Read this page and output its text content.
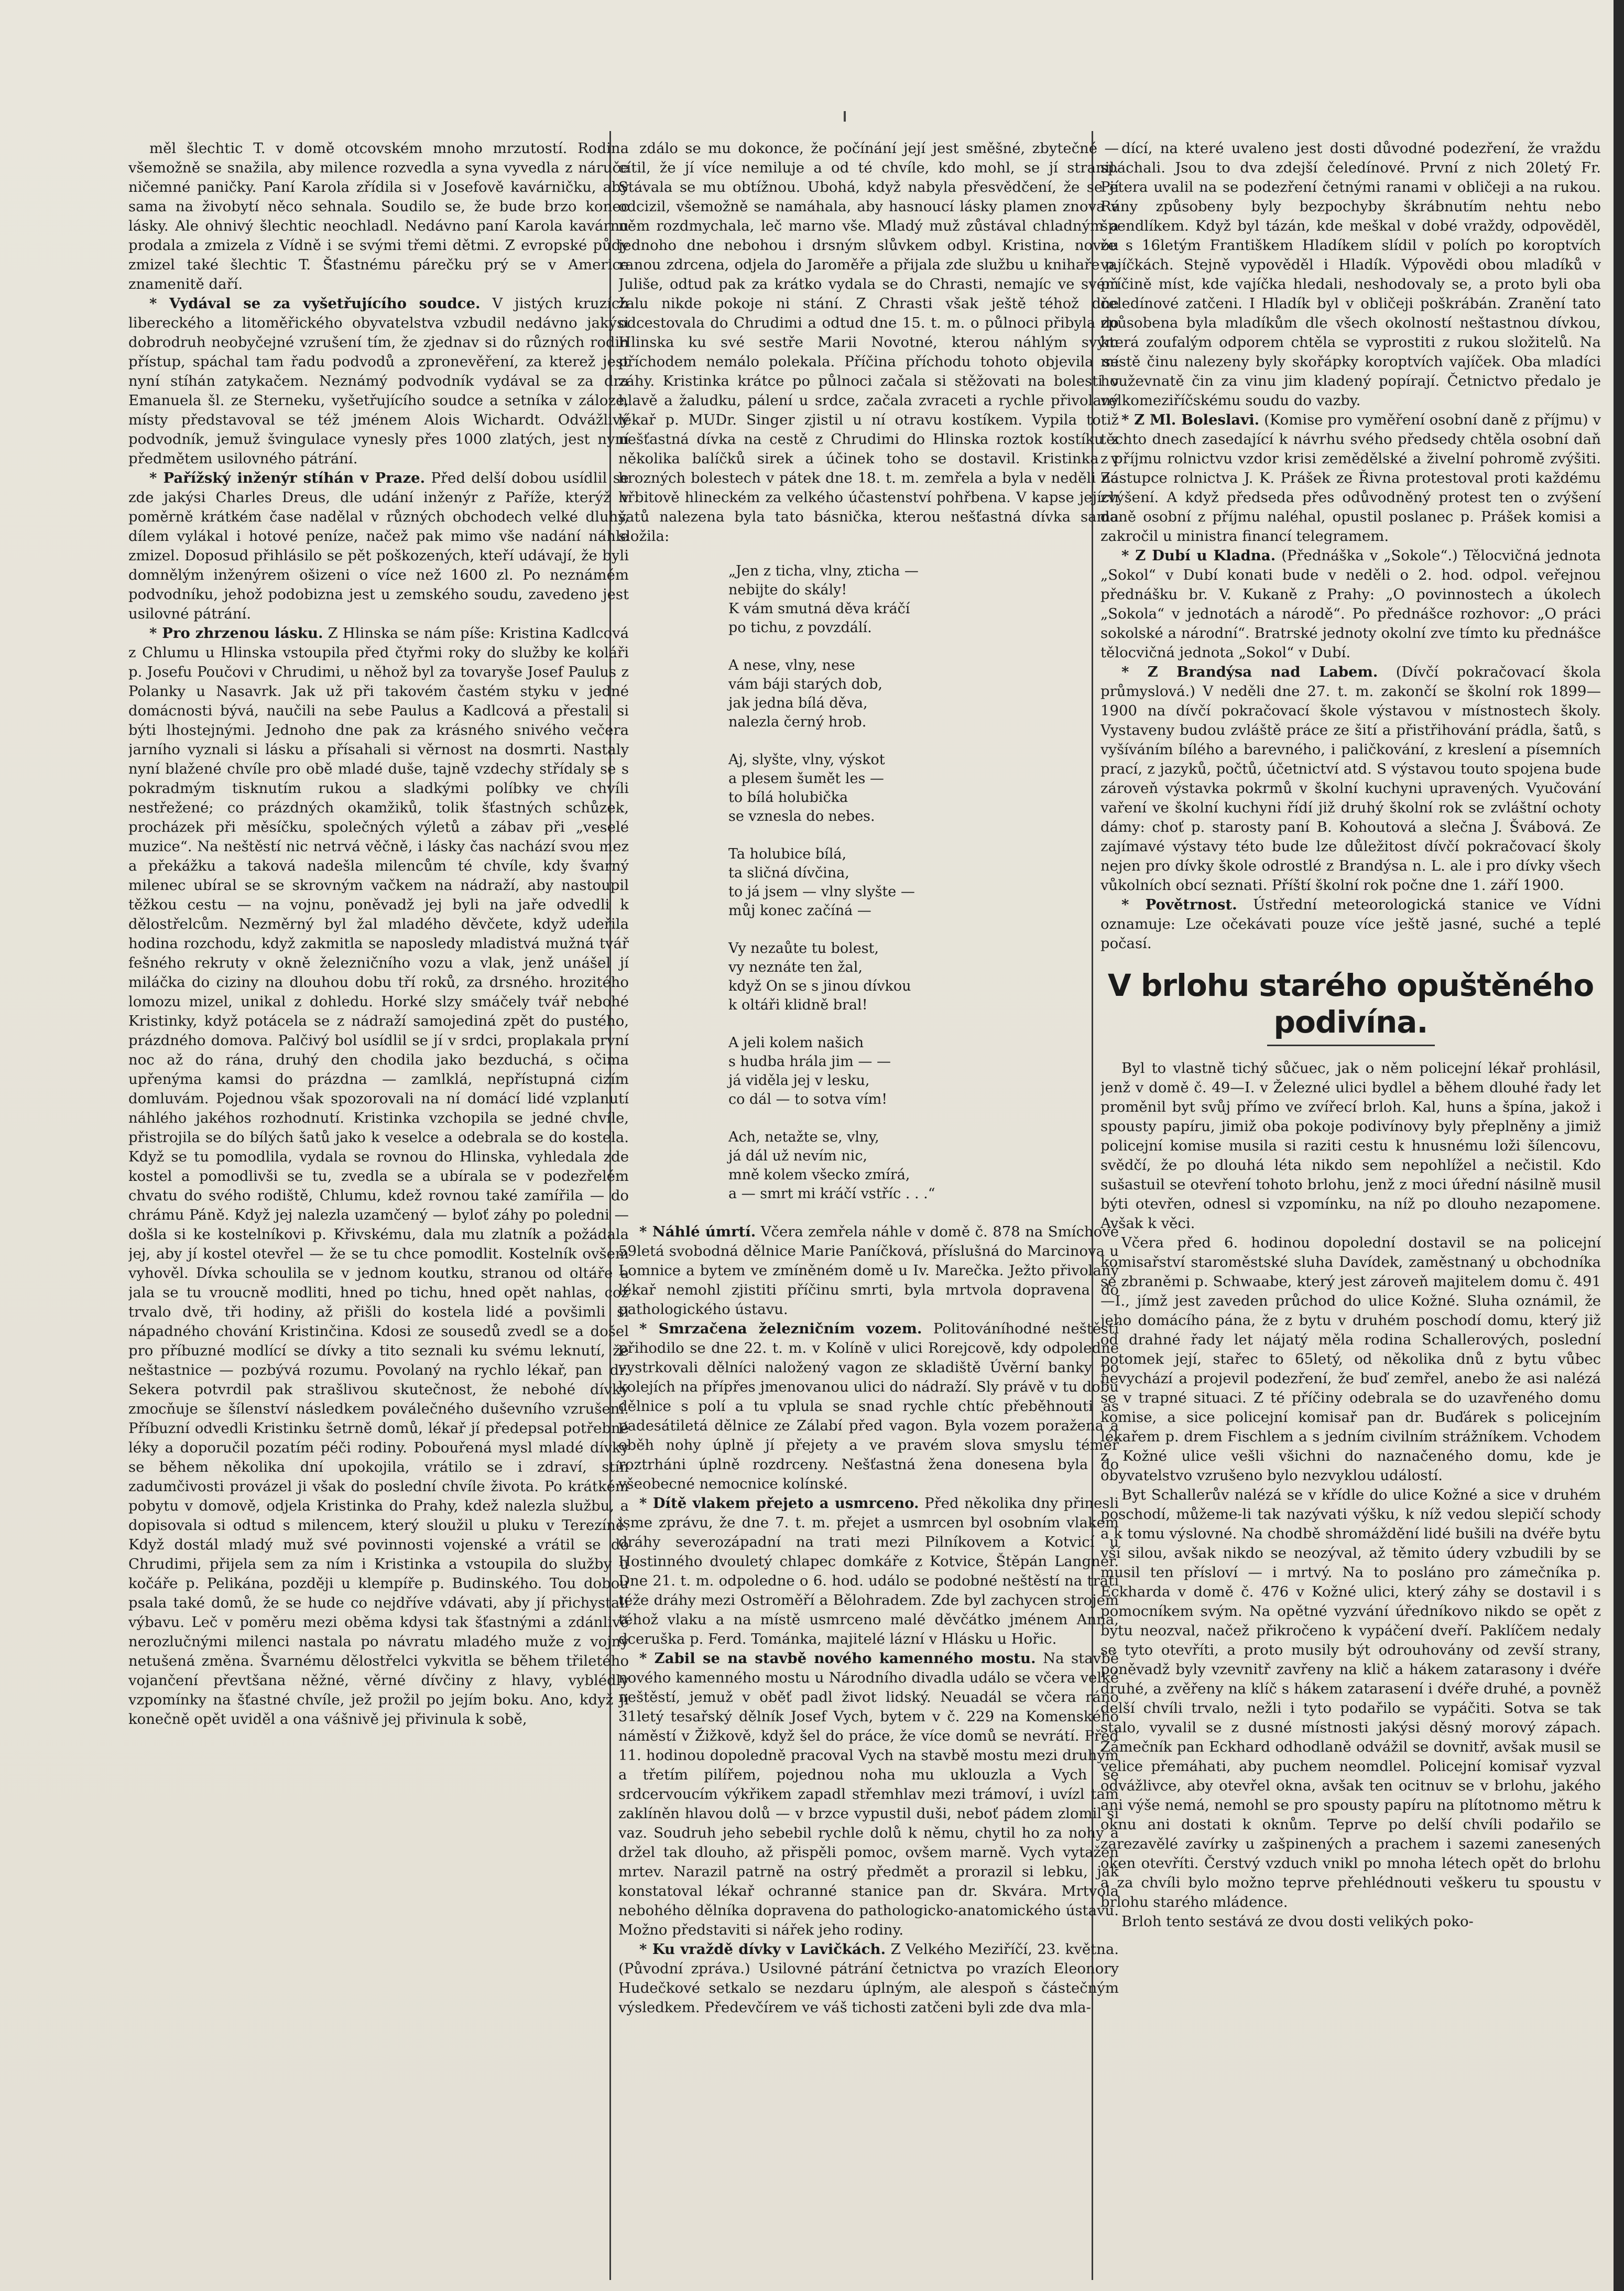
měl šlechtic T. v domě otcovském mnoho mrzutostí. Rodina všemožně se snažila, aby milence rozvedla a syna vyvedla z náruče ničemné paničky. Paní Karola zřídila si v Josefově kavárničku, aby sama na živobytí něco sehnala. Soudilo se, že bude brzo konec lásky. Ale ohnivý šlechtic neochladl. Nedávno paní Karola kavárnu prodala a zmizela z Vídně i se svými třemi dětmi. Z evropské půdy zmizel také šlechtic T. Šťastnému párečku prý se v Americe znamenitě daří.

* Vydával se za vyšetřujícího soudce. V jistých kruzích libereckého a litoměřického obyvatelstva vzbudil nedávno jakýsi dobrodruh neobyčejné vzrušení tím, že zjednav si do různých rodin přístup, spáchal tam řadu podvodů a zpronevěření, za kterež jest nyní stíhán zatykačem. Neznámý podvodník vydával se za dra Emanuela šl. ze Sterneku, vyšetřujícího soudce a setníka v záloze, místy představoval se též jménem Alois Wichardt. Odvážlivý podvodník, jemuž švingulace vynesly přes 1000 zlatých, jest nyní předmětem usilovného pátrání.

* Pařížský inženýr stíhán v Praze. Před delší dobou usídlil se zde jakýsi Charles Dreus, dle udání inženýr z Paříže, kterýž v poměrně krátkém čase nadělal v různých obchodech velké dluhy, dílem vylákal i hotové peníze, načež pak mimo vše nadání náhle zmizel. Doposud přihlásilo se pět poškozených, kteří udávají, že byli domnělým inženýrem ošizeni o více než 1600 zl. Po neznámém podvodníku, jehož podobizna jest u zemského soudu, zavedeno jest usilovné pátrání.

* Pro zhrzenou lásku. Z Hlinska se nám píše: Kristina Kadlcová z Chlumu u Hlinska vstoupila před čtyřmi roky do služby ke koláři p. Josefu Poučovi v Chrudimi, u něhož byl za tovaryše Josef Paulus z Polanky u Nasavrk. Jak už při takovém častém styku v jedné domácnosti bývá, naučili na sebe Paulus a Kadlcová a přestali si býti lhostejnými. Jednoho dne pak za krásného snivého večera jarního vyznali si lásku a přísahali si věrnost na dosmrti. Nastaly nyní blažené chvíle pro obě mladé duše, tajně vzdechy střídaly se s pokradmým tisknutím rukou a sladkými políbky ve chvíli nestřežené; co prázdných okamžiků, tolik šťastných schůzek, procházek při měsíčku, společných výletů a zábav při „veselé muzice“. Na neštěstí nic netrvá věčně, i lásky čas nachází svou mez a překážku a taková nadešla milencům té chvíle, kdy švarný milenec ubíral se se skrovným vačkem na nádraží, aby nastoupil těžkou cestu — na vojnu, poněvadž jej byli na jaře odvedli k dělostřelcům. Nezměrný byl žal mladého děvčete, když udeřila hodina rozchodu, když zakmitla se naposledy mladistvá mužná tvář fešného rekruty v okně železničního vozu a vlak, jenž unášel jí miláčka do ciziny na dlouhou dobu tří roků, za drsného. hrozitého lomozu mizel, unikal z dohledu. Horké slzy smáčely tvář nebohé Kristinky, když potácela se z nádraží samojediná zpět do pustého, prázdného domova. Palčivý bol usídlil se jí v srdci, proplakala první noc až do rána, druhý den chodila jako bezduchá, s očima upřenýma kamsi do prázdna — zamlklá, nepřístupná cizím domluvám. Pojednou však spozorovali na ní domácí lidé vzplanutí náhlého jakéhos rozhodnutí. Kristinka vzchopila se jedné chvíle, přistrojila se do bílých šatů jako k veselce a odebrala se do kostela. Když se tu pomodlila, vydala se rovnou do Hlinska, vyhledala zde kostel a pomodlivši se tu, zvedla se a ubírala se v podezřelém chvatu do svého rodiště, Chlumu, kdež rovnou také zamířila — do chrámu Páně. Když jej nalezla uzamčený — byloť záhy po poledni — došla si ke kostelníkovi p. Křivskému, dala mu zlatník a požádala jej, aby jí kostel otevřel — že se tu chce pomodlit. Kostelník ovšem vyhověl. Dívka schoulila se v jednom koutku, stranou od oltáře a jala se tu vroucně modliti, hned po tichu, hned opět nahlas, což trvalo dvě, tři hodiny, až přišli do kostela lidé a povšimli si nápadného chování Kristinčina. Kdosi ze sousedů zvedl se a došel pro příbuzné modlící se dívky a tito seznali ku svému leknutí, že neštastnice — pozbývá rozumu. Povolaný na rychlo lékař, pan dr. Sekera potvrdil pak strašlivou skutečnost, že nebohé dívky zmocňuje se šílenství následkem poválečného duševního vzrušení. Příbuzní odvedli Kristinku šetrně domů, lékař jí předepsal potřebné léky a doporučil pozatím péči rodiny. Pobouřená mysl mladé dívky se během několika dní upokojila, vrátilo se i zdraví, stín zadumčivosti provázel ji však do poslední chvíle života. Po krátkém pobytu v domově, odjela Kristinka do Prahy, kdež nalezla službu, a dopisovala si odtud s milencem, který sloužil u pluku v Terezíně. Když dostál mladý muž své povinnosti vojenské a vrátil se do Chrudimi, přijela sem za ním i Kristinka a vstoupila do služby u kočáře p. Pelikána, později u klempíře p. Budinského. Tou dobou psala také domů, že se hude co nejdříve vdávati, aby jí přichystali výbavu. Leč v poměru mezi oběma kdysi tak šťastnými a zdánlivě nerozlučnými milenci nastala po návratu mladého muže z vojny netušená změna. Švarnému dělostřelci vykvitla se během třiletého vojančení převtšana něžné, věrné dívčiny z hlavy, vyblédly vzpomínky na šťastné chvíle, jež prožil po jejím boku. Ano, když ji konečně opět uviděl a ona vášnivě jej přivinula k sobě,

zdálo se mu dokonce, že počínání její jest směšné, zbytečné — cítil, že jí více nemiluje a od té chvíle, kdo mohl, se jí stranil. Stávala se mu obtížnou. Ubohá, když nabyla přesvědčení, že se jí odcizil, všemožně se namáhala, aby hasnoucí lásky plamen znova v něm rozdmychala, leč marno vše. Mladý muž zůstával chladným a jednoho dne nebohou i drsným slůvkem odbyl. Kristina, novou ranou zdrcena, odjela do Jaroměře a přijala zde službu u knihaře p. Juliše, odtud pak za krátko vydala se do Chrasti, nemajíc ve svém žalu nikde pokoje ni stání. Z Chrasti však ještě téhož dne odcestovala do Chrudimi a odtud dne 15. t. m. o půlnoci přibyla do Hlinska ku své sestře Marii Novotné, kterou náhlým svým příchodem nemálo polekala. Příčina příchodu tohoto objevila se záhy. Kristinka krátce po půlnoci začala si stěžovati na bolesti v hlavě a žaludku, pálení u srdce, začala zvraceti a rychle přivolaný lékař p. MUDr. Singer zjistil u ní otravu kostíkem. Vypila totiž nešťastná dívka na cestě z Chrudimi do Hlinska roztok kostíku z několika balíčků sirek a účinek toho se dostavil. Kristinka v hrozných bolestech v pátek dne 18. t. m. zemřela a byla v neděli na hřbitově hlineckém za velkého účastenství pohřbena. V kapse jejích šatů nalezena byla tato básnička, kterou nešťastná dívka sama složila:

„Jen z ticha, vlny, zticha —
nebijte do skály!
K vám smutná děva kráčí
po tichu, z povzdálí.
A nese, vlny, nese
vám báji starých dob,
jak jedna bílá děva,
nalezla černý hrob.
Aj, slyšte, vlny, výskot
a plesem šumět les —
to bílá holubička
se vznesla do nebes.
Ta holubice bílá,
ta sličná dívčina,
to já jsem — vlny slyšte —
můj konec začíná —
Vy nezaůte tu bolest,
vy neznáte ten žal,
když On se s jinou dívkou
k oltáři klidně bral!
A jeli kolem našich
s hudba hrála jim — —
já viděla jej v lesku,
co dál — to sotva vím!
Ach, netažte se, vlny,
já dál už nevím nic,
mně kolem všecko zmírá,
a — smrt mi kráčí vstříc . . .“

* Náhlé úmrtí. Včera zemřela náhle v domě č. 878 na Smíchově 59letá svobodná dělnice Marie Paníčková, příslušná do Marcinova u Lomnice a bytem ve zmíněném domě u Iv. Marečka. Ježto přivolaný lékař nemohl zjistiti příčinu smrti, byla mrtvola dopravena do pathologického ústavu.

* Smrzačena železničním vozem. Politováníhodné neštěstí přihodilo se dne 22. t. m. v Kolíně v ulici Rorejcově, kdy odpoledne vystrkovali dělníci naložený vagon ze skladiště Úvěrní banky po kolejích na přípřes jmenovanou ulici do nádraží. Sly právě v tu dobu dělnice s polí a tu vplula se snad rychle chtíc přeběhnouti as padesátiletá dělnice ze Zálabí před vagon. Byla vozem poražena a oběh nohy úplně jí přejety a ve pravém slova smyslu téměř roztrháni úplně rozdrceny. Nešťastná žena donesena byla do všeobecné nemocnice kolínské.

* Dítě vlakem přejeto a usmrceno. Před několika dny přinesli jsme zprávu, že dne 7. t. m. přejet a usmrcen byl osobním vlakem dráhy severozápadní na trati mezi Pilníkovem a Kotvicí u Hostinného dvouletý chlapec domkáře z Kotvice, Štěpán Langner. Dne 21. t. m. odpoledne o 6. hod. událo se podobné neštěstí na trati téže dráhy mezi Ostroměří a Bělohradem. Zde byl zachycen strojem téhož vlaku a na místě usmrceno malé děvčátko jménem Anna, dceruška p. Ferd. Tománka, majitelé lázní v Hlásku u Hořic.

* Zabil se na stavbě nového kamenného mostu. Na stavbě nového kamenného mostu u Národního divadla událo se včera velké neštěstí, jemuž v oběť padl život lidský. Neuadál se včera ráno 31letý tesařský dělník Josef Vych, bytem v č. 229 na Komenského náměstí v Žižkově, když šel do práce, že více domů se nevrátí. Před 11. hodinou dopoledně pracoval Vych na stavbě mostu mezi druhým a třetím pilířem, pojednou noha mu uklouzla a Vych se srdcervoucím výkřikem zapadl střemhlav mezi trámoví, i uvízl tam zaklíněn hlavou dolů — v brzce vypustil duši, neboť pádem zlomil si vaz. Soudruh jeho sebebil rychle dolů k němu, chytil ho za nohy a držel tak dlouho, až přispěli pomoc, ovšem marně. Vych vytažen mrtev. Narazil patrně na ostrý předmět a prorazil si lebku, jak konstatoval lékař ochranné stanice pan dr. Skvára. Mrtvola nebohého dělníka dopravena do pathologicko-anatomického ústavu. Možno představiti si nářek jeho rodiny.

* Ku vraždě dívky v Lavičkách. Z Velkého Meziříčí, 23. května. (Původní zpráva.) Usilovné pátrání četnictva po vrazích Eleonory Hudečkové setkalo se nezdaru úplným, ale alespoň s částečným výsledkem. Předevčírem ve váš tichosti zatčeni byli zde dva mla-

dící, na které uvaleno jest dosti důvodné podezření, že vraždu spáchali. Jsou to dva zdejší čeledínové. První z nich 20letý Fr. Petera uvalil na se podezření četnými ranami v obličeji a na rukou. Rány způsobeny byly bezpochyby škrábnutím nehtu nebo špendlíkem. Když byl tázán, kde meškal v dobé vraždy, odpověděl, že s 16letým Františkem Hladíkem slídil v polích po koroptvích vajíčkách. Stejně vypověděl i Hladík. Výpovědi obou mladíků v příčině míst, kde vajíčka hledali, neshodovaly se, a proto byli oba čeledínové zatčeni. I Hladík byl v obličeji poškrábán. Zranění tato způsobena byla mladíkům dle všech okolností neštastnou dívkou, která zoufalým odporem chtěla se vyprostiti z rukou složitelů. Na místě činu nalezeny byly skořápky koroptvích vajíček. Oba mladíci houževnatě čin za vinu jim kladený popírají. Četnictvo předalo je velkomeziříčskému soudu do vazby.

* Z Ml. Boleslavi. (Komise pro vyměření osobní daně z příjmu) v těchto dnech zasedající k návrhu svého předsedy chtěla osobní daň z příjmu rolnictvu vzdor krisi zemědělské a živelní pohromě zvýšiti. Zástupce rolnictva J. K. Prášek ze Řivna protestoval proti každému zvýšení. A když předseda přes odůvodněný protest ten o zvýšení daně osobní z příjmu naléhal, opustil poslanec p. Prášek komisi a zakročil u ministra financí telegramem.

* Z Dubí u Kladna. (Přednáška v „Sokole“.) Tělocvičná jednota „Sokol“ v Dubí konati bude v neděli o 2. hod. odpol. veřejnou přednášku br. V. Kukaně z Prahy: „O povinnostech a úkolech „Sokola“ v jednotách a národě“. Po přednášce rozhovor: „O práci sokolské a národní“. Bratrské jednoty okolní zve tímto ku přednášce tělocvičná jednota „Sokol“ v Dubí.

* Z Brandýsa nad Labem. (Dívčí pokračovací škola průmyslová.) V neděli dne 27. t. m. zakončí se školní rok 1899—1900 na dívčí pokračovací škole výstavou v místnostech školy. Vystaveny budou zvláště práce ze šití a přistřihování prádla, šatů, s vyšíváním bílého a barevného, i paličkování, z kreslení a písemních prací, z jazyků, počtů, účetnictví atd. S výstavou touto spojena bude zároveň výstavka pokrmů v školní kuchyni upravených. Vyučování vaření ve školní kuchyni řídí již druhý školní rok se zvláštní ochoty dámy: choť p. starosty paní B. Kohoutová a slečna J. Švábová. Ze zajímavé výstavy této bude lze důležitost dívčí pokračovací školy nejen pro dívky škole odrostlé z Brandýsa n. L. ale i pro dívky všech vůkolních obcí seznati. Příští školní rok počne dne 1. září 1900.

* Povětrnost. Ústřední meteorologická stanice ve Vídni oznamuje: Lze očekávati pouze více ještě jasné, suché a teplé počasí.

V brlohu starého opuštěného podivína.

Byl to vlastně tichý sůčuec, jak o něm policejní lékař prohlásil, jenž v domě č. 49—I. v Železné ulici bydlel a během dlouhé řady let proměnil byt svůj přímo ve zvířecí brloh. Kal, huns a špína, jakož i spousty papíru, jimiž oba pokoje podivínovy byly přeplněny a jimiž policejní komise musila si raziti cestu k hnusnému loži šílencovu, svědčí, že po dlouhá léta nikdo sem nepohlížel a nečistil. Kdo sušastuil se otevření tohoto brlohu, jenž z moci úřední násilně musil býti otevřen, odnesl si vzpomínku, na níž po dlouho nezapomene. Avšak k věci.

Včera před 6. hodinou dopolední dostavil se na policejní komisařství staroměstské sluha Davídek, zaměstnaný u obchodníka se zbraněmi p. Schwaabe, který jest zároveň majitelem domu č. 491—I., jímž jest zaveden průchod do ulice Kožné. Sluha oznámil, že jeho domácího pána, že z bytu v druhém poschodí domu, který již od drahné řady let nájatý měla rodina Schallerových, poslední potomek její, stařec to 65letý, od několika dnů z bytu vůbec nevychází a projevil podezření, že buď zemřel, anebo že asi nalézá se v trapné situaci. Z té příčiny odebrala se do uzavřeného domu komise, a sice policejní komisař pan dr. Buďárek s policejním lékařem p. drem Fischlem a s jedním civilním strážníkem. Vchodem z Kožné ulice vešli všichni do naznačeného domu, kde je obyvatelstvo vzrušeno bylo nezvyklou událostí.

Byt Schallerův nalézá se v křídle do ulice Kožné a sice v druhém poschodí, můžeme-li tak nazývati výšku, k níž vedou slepičí schody a k tomu výslovné. Na chodbě shromáždění lidé bušili na dvéře bytu vší silou, avšak nikdo se neozýval, až těmito údery vzbudili by se musil ten přísloví — i mrtvý. Na to posláno pro zámečníka p. Eckharda v domě č. 476 v Kožné ulici, který záhy se dostavil i s pomocníkem svým. Na opětné vyzvání úředníkovo nikdo se opět z bytu neozval, načež přikročeno k vypáčení dveří. Paklíčem nedaly se tyto otevříti, a proto musily být odrouhovány od zevší strany, poněvadž byly vzevnitř zavřeny na klič a hákem zatarasony i dvéře druhé, a zvěřeny na klíč s hákem zatarasení i dvéře druhé, a povněž delší chvíli trvalo, nežli i tyto podařilo se vypáčiti. Sotva se tak stalo, vyvalil se z dusné místnosti jakýsi děsný morový zápach. Zámečník pan Eckhard odhodlaně odvážil se dovnitř, avšak musil se velice přemáhati, aby puchem neomdlel. Policejní komisař vyzval odvážlivce, aby otevřel okna, avšak ten ocitnuv se v brlohu, jakého ani výše nemá, nemohl se pro spousty papíru na plítotnomo mětru k oknu ani dostati k oknům. Teprve po delší chvíli podařilo se zarezavělé zavírky u zašpinených a prachem i sazemi zanesených oken otevříti. Čerstvý vzduch vnikl po mnoha létech opět do brlohu a za chvíli bylo možno teprve přehlédnouti veškeru tu spoustu v brlohu starého mládence.

Brloh tento sestává ze dvou dosti velikých poko-
